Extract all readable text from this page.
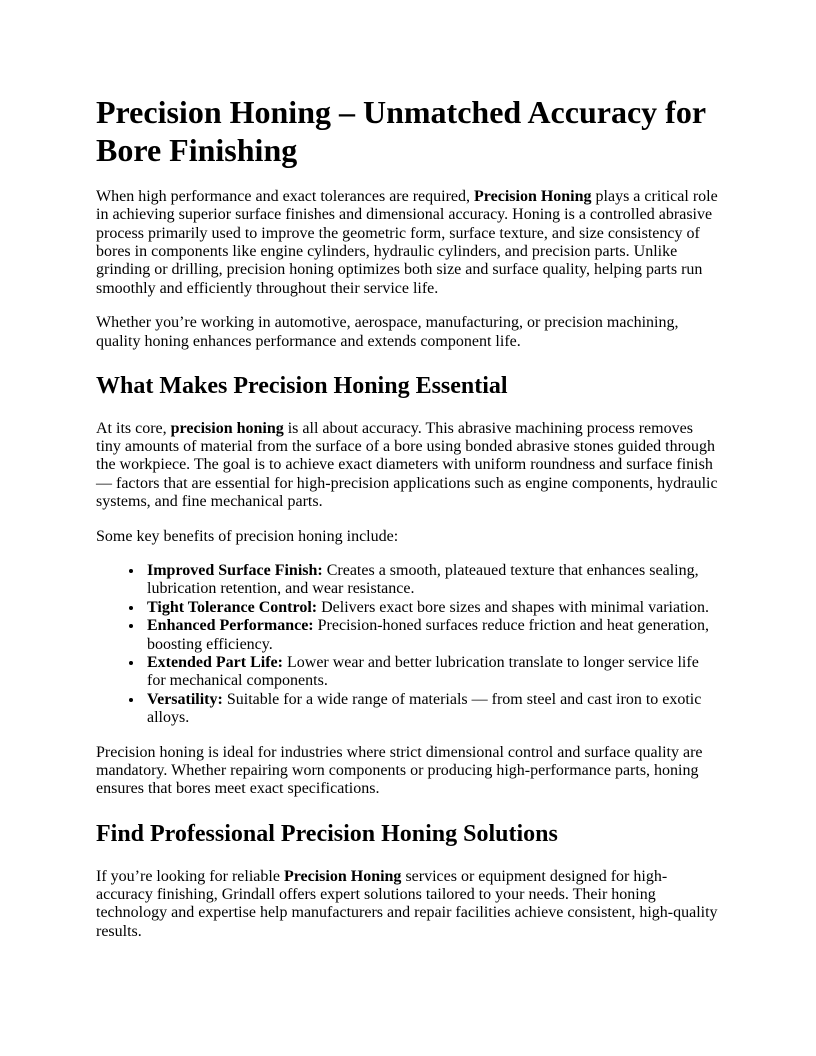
Precision Honing – Unmatched Accuracy for Bore Finishing

When high performance and exact tolerances are required, Precision Honing plays a critical role in achieving superior surface finishes and dimensional accuracy. Honing is a controlled abrasive process primarily used to improve the geometric form, surface texture, and size consistency of bores in components like engine cylinders, hydraulic cylinders, and precision parts. Unlike grinding or drilling, precision honing optimizes both size and surface quality, helping parts run smoothly and efficiently throughout their service life.

Whether you’re working in automotive, aerospace, manufacturing, or precision machining, quality honing enhances performance and extends component life.

What Makes Precision Honing Essential

At its core, precision honing is all about accuracy. This abrasive machining process removes tiny amounts of material from the surface of a bore using bonded abrasive stones guided through the workpiece. The goal is to achieve exact diameters with uniform roundness and surface finish — factors that are essential for high-precision applications such as engine components, hydraulic systems, and fine mechanical parts.

Some key benefits of precision honing include:

• Improved Surface Finish: Creates a smooth, plateaued texture that enhances sealing, lubrication retention, and wear resistance.
• Tight Tolerance Control: Delivers exact bore sizes and shapes with minimal variation.
• Enhanced Performance: Precision-honed surfaces reduce friction and heat generation, boosting efficiency.
• Extended Part Life: Lower wear and better lubrication translate to longer service life for mechanical components.
• Versatility: Suitable for a wide range of materials — from steel and cast iron to exotic alloys.

Precision honing is ideal for industries where strict dimensional control and surface quality are mandatory. Whether repairing worn components or producing high-performance parts, honing ensures that bores meet exact specifications.

Find Professional Precision Honing Solutions

If you’re looking for reliable Precision Honing services or equipment designed for high-accuracy finishing, Grindall offers expert solutions tailored to your needs. Their honing technology and expertise help manufacturers and repair facilities achieve consistent, high-quality results.
